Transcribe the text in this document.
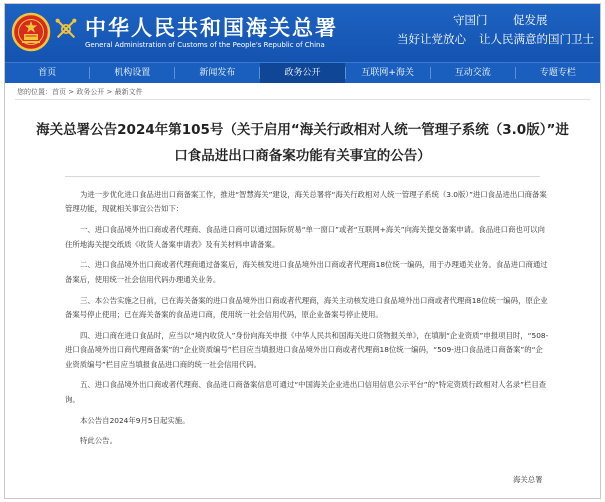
中华人民共和国海关总署
General Administration of Customs of the People's Republic of China
守国门 促发展
当好让党放心 让人民满意的国门卫士
首页	机构设置	新闻发布	政务公开	互联网+海关	互动交流	专题专栏
您的位置：首页 > 政务公开 > 最新文件
海关总署公告2024年第105号（关于启用“海关行政相对人统一管理子系统（3.0版）”进口食品进出口商备案功能有关事宜的公告）

为进一步优化进口食品进出口商备案工作，推进“智慧海关”建设，海关总署将“海关行政相对人统一管理子系统（3.0版）”进口食品进出口商备案管理功能，现就相关事宜公告如下：

一、进口食品境外出口商或者代理商、食品进口商可以通过国际贸易“单一窗口”或者“互联网+海关”向海关提交备案申请。食品进口商也可以向住所地海关提交纸质《收货人备案申请表》及有关材料申请备案。

二、进口食品境外出口商或者代理商通过备案后，海关核发进口食品境外出口商或者代理商18位统一编码，用于办理通关业务。食品进口商通过备案后，使用统一社会信用代码办理通关业务。

三、本公告实施之日前，已在海关备案的进口食品境外出口商或者代理商，海关主动核发进口食品境外出口商或者代理商18位统一编码，原企业备案号停止使用；已在海关备案的食品进口商，使用统一社会信用代码，原企业备案号停止使用。

四、进口商在进口食品时，应当以“境内收货人”身份向海关申报《中华人民共和国海关进口货物报关单》，在填制“企业资质”申报项目时，“508-进口食品境外出口商代理商备案”的“企业资质编号”栏目应当填报进口食品境外出口商或者代理商18位统一编码，“509-进口食品进口商备案”的“企业资质编号”栏目应当填报食品进口商的统一社会信用代码。

五、进口食品境外出口商或者代理商、食品进口商备案信息可通过“中国海关企业进出口信用信息公示平台”的“特定资质行政相对人名录”栏目查询。

本公告自2024年9月5日起实施。

特此公告。

海关总署
